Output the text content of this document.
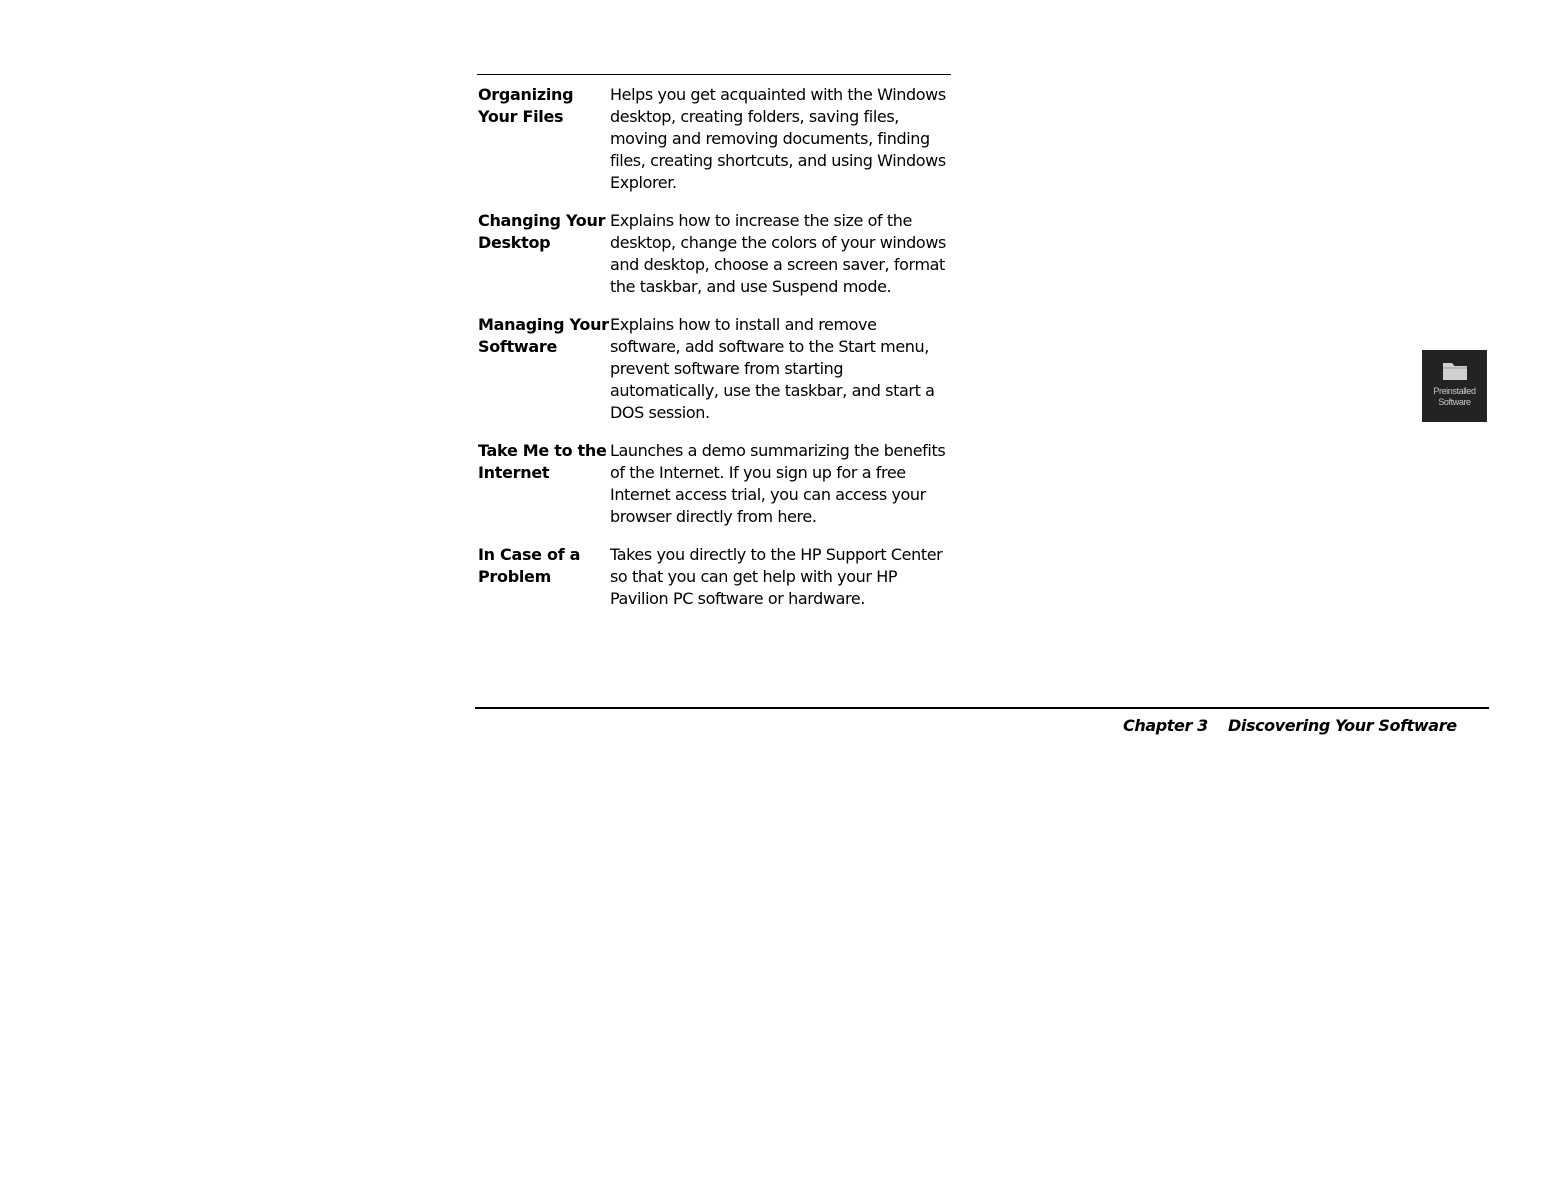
Organizing Your Files
Helps you get acquainted with the Windows desktop, creating folders, saving files, moving and removing documents, finding files, creating shortcuts, and using Windows Explorer.
Changing Your Desktop
Explains how to increase the size of the desktop, change the colors of your windows and desktop, choose a screen saver, format the taskbar, and use Suspend mode.
Managing Your Software
Explains how to install and remove software, add software to the Start menu, prevent software from starting automatically, use the taskbar, and start a DOS session.
Take Me to the Internet
Launches a demo summarizing the benefits of the Internet. If you sign up for a free Internet access trial, you can access your browser directly from here.
In Case of a Problem
Takes you directly to the HP Support Center so that you can get help with your HP Pavilion PC software or hardware.
Chapter 3 Discovering Your Software
Preinstalled Software
